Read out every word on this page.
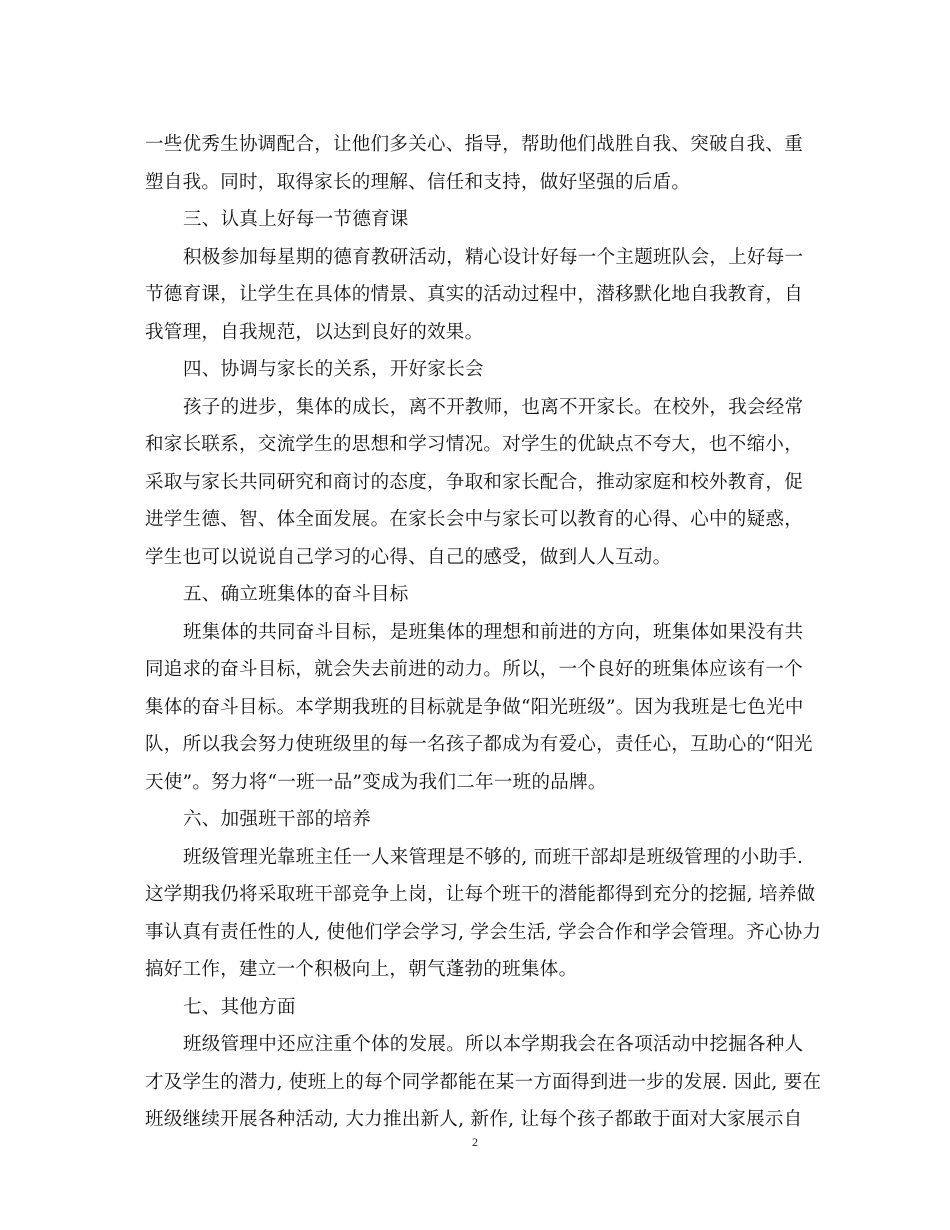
一些优秀生协调配合，让他们多关心、指导，帮助他们战胜自我、突破自我、重
塑自我。同时，取得家长的理解、信任和支持，做好坚强的后盾。
三、认真上好每一节德育课
积极参加每星期的德育教研活动，精心设计好每一个主题班队会，上好每一
节德育课，让学生在具体的情景、真实的活动过程中，潜移默化地自我教育，自
我管理，自我规范，以达到良好的效果。
四、协调与家长的关系，开好家长会
孩子的进步，集体的成长，离不开教师，也离不开家长。在校外，我会经常
和家长联系，交流学生的思想和学习情况。对学生的优缺点不夸大，也不缩小，
采取与家长共同研究和商讨的态度，争取和家长配合，推动家庭和校外教育，促
进学生德、智、体全面发展。在家长会中与家长可以教育的心得、心中的疑惑，
学生也可以说说自己学习的心得、自己的感受，做到人人互动。
五、确立班集体的奋斗目标
班集体的共同奋斗目标，是班集体的理想和前进的方向，班集体如果没有共
同追求的奋斗目标，就会失去前进的动力。所以，一个良好的班集体应该有一个
集体的奋斗目标。本学期我班的目标就是争做“阳光班级”。因为我班是七色光中
队，所以我会努力使班级里的每一名孩子都成为有爱心，责任心，互助心的“阳光
天使”。努力将“一班一品”变成为我们二年一班的品牌。
六、加强班干部的培养
班级管理光靠班主任一人来管理是不够的, 而班干部却是班级管理的小助手.
这学期我仍将采取班干部竞争上岗，让每个班干的潜能都得到充分的挖掘, 培养做
事认真有责任性的人, 使他们学会学习, 学会生活, 学会合作和学会管理。齐心协力
搞好工作，建立一个积极向上，朝气蓬勃的班集体。
七、其他方面
班级管理中还应注重个体的发展。所以本学期我会在各项活动中挖掘各种人
才及学生的潜力, 使班上的每个同学都能在某一方面得到进一步的发展. 因此, 要在
班级继续开展各种活动, 大力推出新人, 新作, 让每个孩子都敢于面对大家展示自
2
